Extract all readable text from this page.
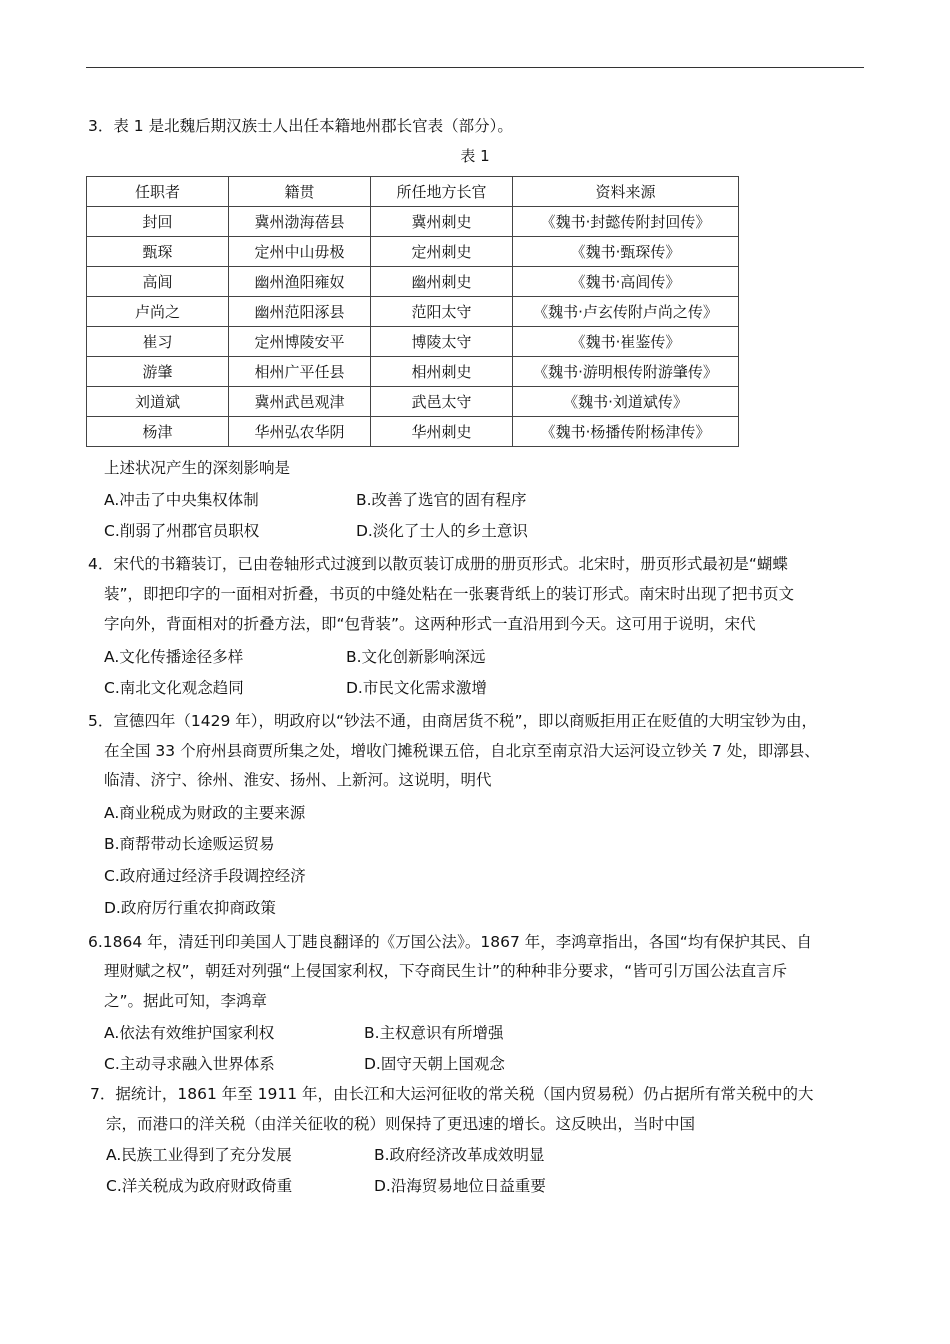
3．表 1 是北魏后期汉族士人出任本籍地州郡长官表（部分）。
表 1
任职者	籍贯	所任地方长官	资料来源
封回	冀州渤海蓓县	冀州刺史	《魏书·封懿传附封回传》
甄琛	定州中山毋极	定州刺史	《魏书·甄琛传》
高闾	幽州渔阳雍奴	幽州刺史	《魏书·高闾传》
卢尚之	幽州范阳涿县	范阳太守	《魏书·卢玄传附卢尚之传》
崔习	定州博陵安平	博陵太守	《魏书·崔鉴传》
游肇	相州广平任县	相州刺史	《魏书·游明根传附游肇传》
刘道斌	冀州武邑观津	武邑太守	《魏书·刘道斌传》
杨津	华州弘农华阴	华州刺史	《魏书·杨播传附杨津传》
上述状况产生的深刻影响是
A.冲击了中央集权体制	B.改善了选官的固有程序
C.削弱了州郡官员职权	D.淡化了士人的乡土意识
4．宋代的书籍装订，已由卷轴形式过渡到以散页装订成册的册页形式。北宋时，册页形式最初是“蝴蝶
装”，即把印字的一面相对折叠，书页的中缝处粘在一张裹背纸上的装订形式。南宋时出现了把书页文
字向外，背面相对的折叠方法，即“包背装”。这两种形式一直沿用到今天。这可用于说明，宋代
A.文化传播途径多样	B.文化创新影响深远
C.南北文化观念趋同	D.市民文化需求激增
5．宣德四年（1429 年），明政府以“钞法不通，由商居货不税”，即以商贩拒用正在贬值的大明宝钞为由，
在全国 33 个府州县商贾所集之处，增收门摊税课五倍，自北京至南京沿大运河设立钞关 7 处，即漷县、
临清、济宁、徐州、淮安、扬州、上新河。这说明，明代
A.商业税成为财政的主要来源
B.商帮带动长途贩运贸易
C.政府通过经济手段调控经济
D.政府厉行重农抑商政策
6.1864 年，清廷刊印美国人丁韪良翻译的《万国公法》。1867 年，李鸿章指出，各国“均有保护其民、自
理财赋之权”，朝廷对列强“上侵国家利权，下夺商民生计”的种种非分要求，“皆可引万国公法直言斥
之”。据此可知，李鸿章
A.依法有效维护国家利权	B.主权意识有所增强
C.主动寻求融入世界体系	D.固守天朝上国观念
7．据统计，1861 年至 1911 年，由长江和大运河征收的常关税（国内贸易税）仍占据所有常关税中的大
宗，而港口的洋关税（由洋关征收的税）则保持了更迅速的增长。这反映出，当时中国
A.民族工业得到了充分发展	B.政府经济改革成效明显
C.洋关税成为政府财政倚重	D.沿海贸易地位日益重要
